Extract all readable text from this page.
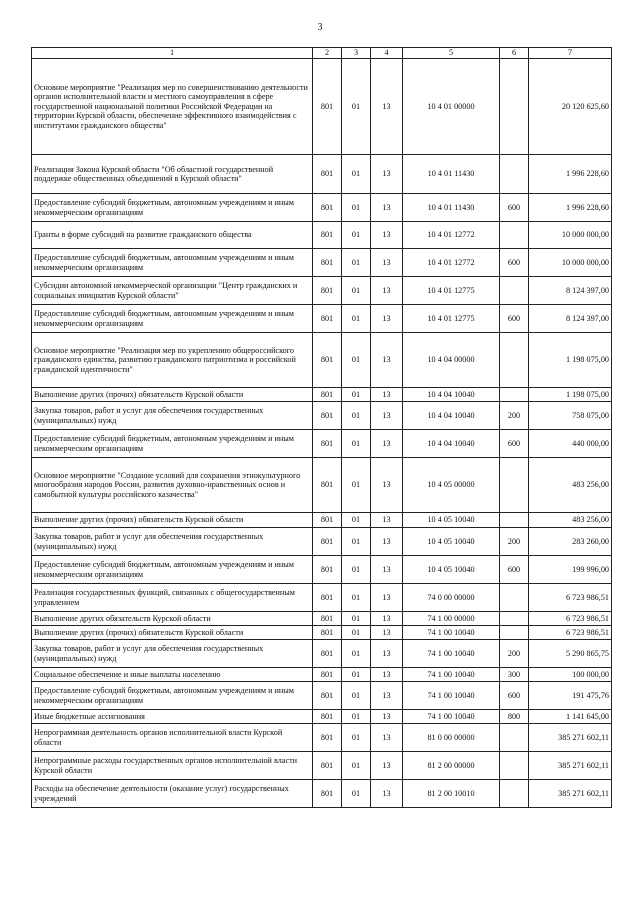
3
1	2	3	4	5	6	7
Основное мероприятие "Реализация мер по совершенствованию деятельности органов исполнительной власти и местного самоуправления в сфере государственной национальной политики Российской Федерации на территории Курской области, обеспечение эффективного взаимодействия с институтами гражданского общества"	801	01	13	10 4 01 00000		20 120 625,60
Реализация Закона Курской области "Об областной государственной поддержке общественных объединений в Курской области"	801	01	13	10 4 01 11430		1 996 228,60
Предоставление субсидий бюджетным, автономным учреждениям и иным некоммерческим организациям	801	01	13	10 4 01 11430	600	1 996 228,60
Гранты в форме субсидий на развитие гражданского общества	801	01	13	10 4 01 12772		10 000 000,00
Предоставление субсидий бюджетным, автономным учреждениям и иным некоммерческим организациям	801	01	13	10 4 01 12772	600	10 000 000,00
Субсидии автономной некоммерческой организации "Центр гражданских и социальных инициатив Курской области"	801	01	13	10 4 01 12775		8 124 397,00
Предоставление субсидий бюджетным, автономным учреждениям и иным некоммерческим организациям	801	01	13	10 4 01 12775	600	8 124 397,00
Основное мероприятие "Реализация мер по укреплению общероссийского гражданского единства, развитию гражданского патриотизма и российской гражданской идентичности"	801	01	13	10 4 04 00000		1 198 075,00
Выполнение других (прочих) обязательств Курской области	801	01	13	10 4 04 10040		1 198 075,00
Закупка товаров, работ и услуг для обеспечения государственных (муниципальных) нужд	801	01	13	10 4 04 10040	200	758 075,00
Предоставление субсидий бюджетным, автономным учреждениям и иным некоммерческим организациям	801	01	13	10 4 04 10040	600	440 000,00
Основное мероприятие "Создание условий для сохранения этнокультурного многообразия народов России, развития духовно-нравственных основ и самобытной культуры российского казачества"	801	01	13	10 4 05 00000		483 256,00
Выполнение других (прочих) обязательств Курской области	801	01	13	10 4 05 10040		483 256,00
Закупка товаров, работ и услуг для обеспечения государственных (муниципальных) нужд	801	01	13	10 4 05 10040	200	283 260,00
Предоставление субсидий бюджетным, автономным учреждениям и иным некоммерческим организациям	801	01	13	10 4 05 10040	600	199 996,00
Реализация государственных функций, связанных с общегосударственным управлением	801	01	13	74 0 00 00000		6 723 986,51
Выполнение других обязательств Курской области	801	01	13	74 1 00 00000		6 723 986,51
Выполнение других (прочих) обязательств Курской области	801	01	13	74 1 00 10040		6 723 986,51
Закупка товаров, работ и услуг для обеспечения государственных (муниципальных) нужд	801	01	13	74 1 00 10040	200	5 290 865,75
Социальное обеспечение и иные выплаты населению	801	01	13	74 1 00 10040	300	100 000,00
Предоставление субсидий бюджетным, автономным учреждениям и иным некоммерческим организациям	801	01	13	74 1 00 10040	600	191 475,76
Иные бюджетные ассигнования	801	01	13	74 1 00 10040	800	1 141 645,00
Непрограммная деятельность органов исполнительной власти Курской области	801	01	13	81 0 00 00000		385 271 602,11
Непрограммные расходы государственных органов исполнительной власти Курской области	801	01	13	81 2 00 00000		385 271 602,11
Расходы на обеспечение деятельности (оказание услуг) государственных учреждений	801	01	13	81 2 00 10010		385 271 602,11
